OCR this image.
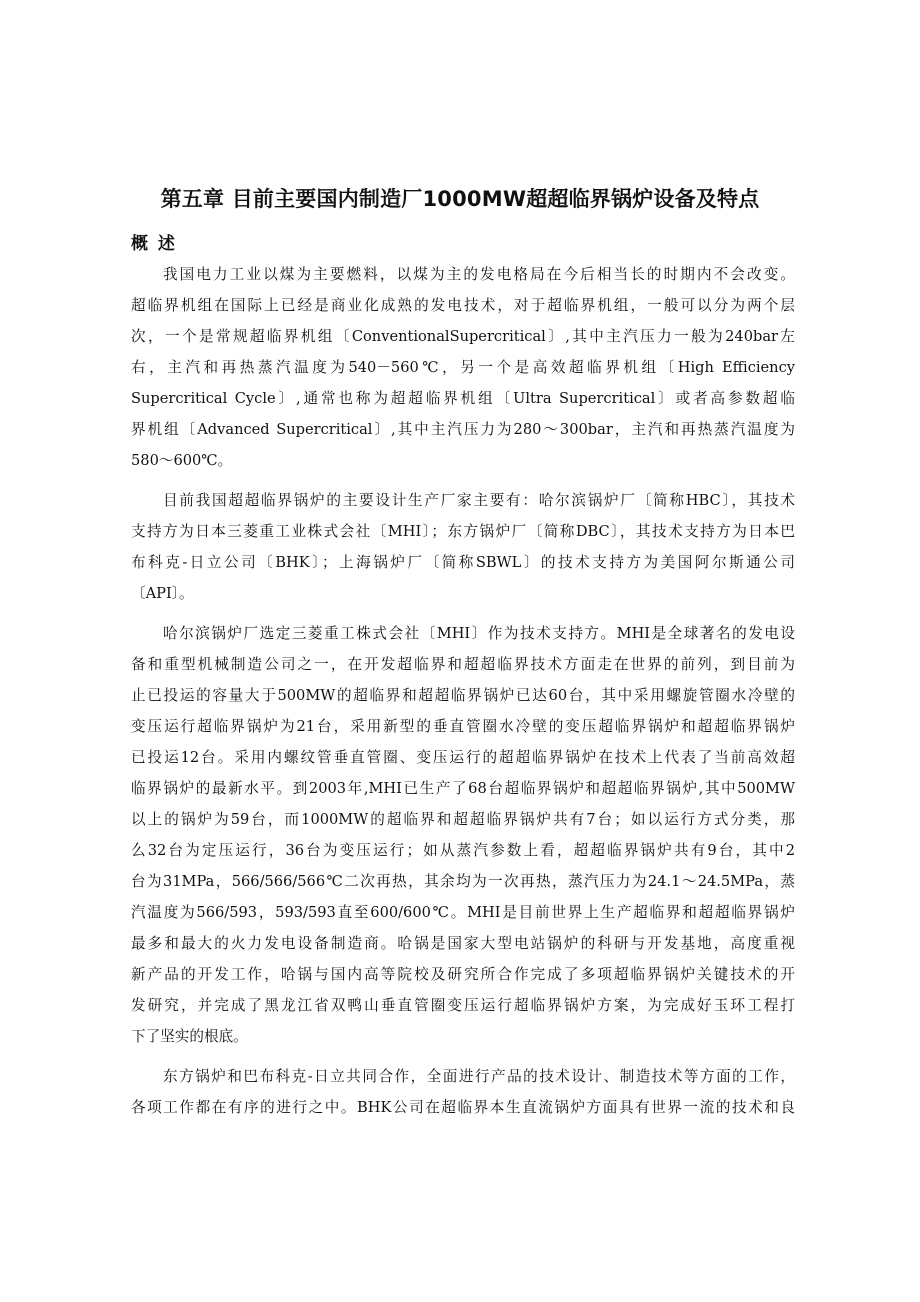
第五章 目前主要国内制造厂1000MW超超临界锅炉设备及特点
概 述
我国电力工业以煤为主要燃料，以煤为主的发电格局在今后相当长的时期内不会改变。
超临界机组在国际上已经是商业化成熟的发电技术，对于超临界机组，一般可以分为两个层
次，一个是常规超临界机组〔ConventionalSupercritical〕,其中主汽压力一般为240bar左
右，主汽和再热蒸汽温度为540－560℃，另一个是高效超临界机组〔High Efficiency
Supercritical Cycle〕,通常也称为超超临界机组〔Ultra Supercritical〕或者高参数超临
界机组〔Advanced Supercritical〕,其中主汽压力为280～300bar，主汽和再热蒸汽温度为
580～600℃。
目前我国超超临界锅炉的主要设计生产厂家主要有：哈尔滨锅炉厂〔简称HBC〕，其技术
支持方为日本三菱重工业株式会社〔MHI〕；东方锅炉厂〔简称DBC〕，其技术支持方为日本巴
布科克-日立公司〔BHK〕；上海锅炉厂〔简称SBWL〕的技术支持方为美国阿尔斯通公司
〔API〕。
哈尔滨锅炉厂选定三菱重工株式会社〔MHI〕作为技术支持方。MHI是全球著名的发电设
备和重型机械制造公司之一，在开发超临界和超超临界技术方面走在世界的前列，到目前为
止已投运的容量大于500MW的超临界和超超临界锅炉已达60台，其中采用螺旋管圈水冷壁的
变压运行超临界锅炉为21台，采用新型的垂直管圈水冷壁的变压超临界锅炉和超超临界锅炉
已投运12台。采用内螺纹管垂直管圈、变压运行的超超临界锅炉在技术上代表了当前高效超
临界锅炉的最新水平。到2003年,MHI已生产了68台超临界锅炉和超超临界锅炉,其中500MW
以上的锅炉为59台，而1000MW的超临界和超超临界锅炉共有7台；如以运行方式分类，那
么32台为定压运行，36台为变压运行；如从蒸汽参数上看，超超临界锅炉共有9台，其中2
台为31MPa，566/566/566℃二次再热，其余均为一次再热，蒸汽压力为24.1～24.5MPa，蒸
汽温度为566/593，593/593直至600/600℃。MHI是目前世界上生产超临界和超超临界锅炉
最多和最大的火力发电设备制造商。哈锅是国家大型电站锅炉的科研与开发基地，高度重视
新产品的开发工作，哈锅与国内高等院校及研究所合作完成了多项超临界锅炉关键技术的开
发研究，并完成了黑龙江省双鸭山垂直管圈变压运行超临界锅炉方案，为完成好玉环工程打
下了坚实的根底。
东方锅炉和巴布科克-日立共同合作，全面进行产品的技术设计、制造技术等方面的工作，
各项工作都在有序的进行之中。BHK公司在超临界本生直流锅炉方面具有世界一流的技术和良
